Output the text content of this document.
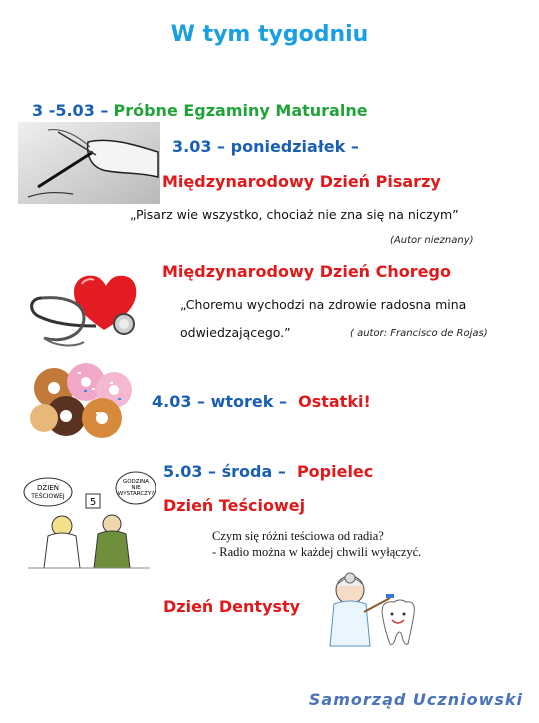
W tym tygodniu
3 -5.03 – Próbne Egzaminy Maturalne
3.03 – poniedziałek –
Międzynarodowy Dzień Pisarzy
„Pisarz wie wszystko, chociaż nie zna się na niczym”
(Autor nieznany)
Międzynarodowy Dzień Chorego
„Choremu wychodzi na zdrowie radosna mina
odwiedzającego.”	( autor: Francisco de Rojas)
4.03 – wtorek – Ostatki!
5.03 – środa – Popielec
DZIEŃ
TEŚCIOWEJ
GODZINA
NIE
WYSTARCZY?
5	Dzień Teściowej
Czym się różni teściowa od radia?
- Radio można w każdej chwili wyłączyć.
Dzień Dentysty
Samorząd Uczniowski
